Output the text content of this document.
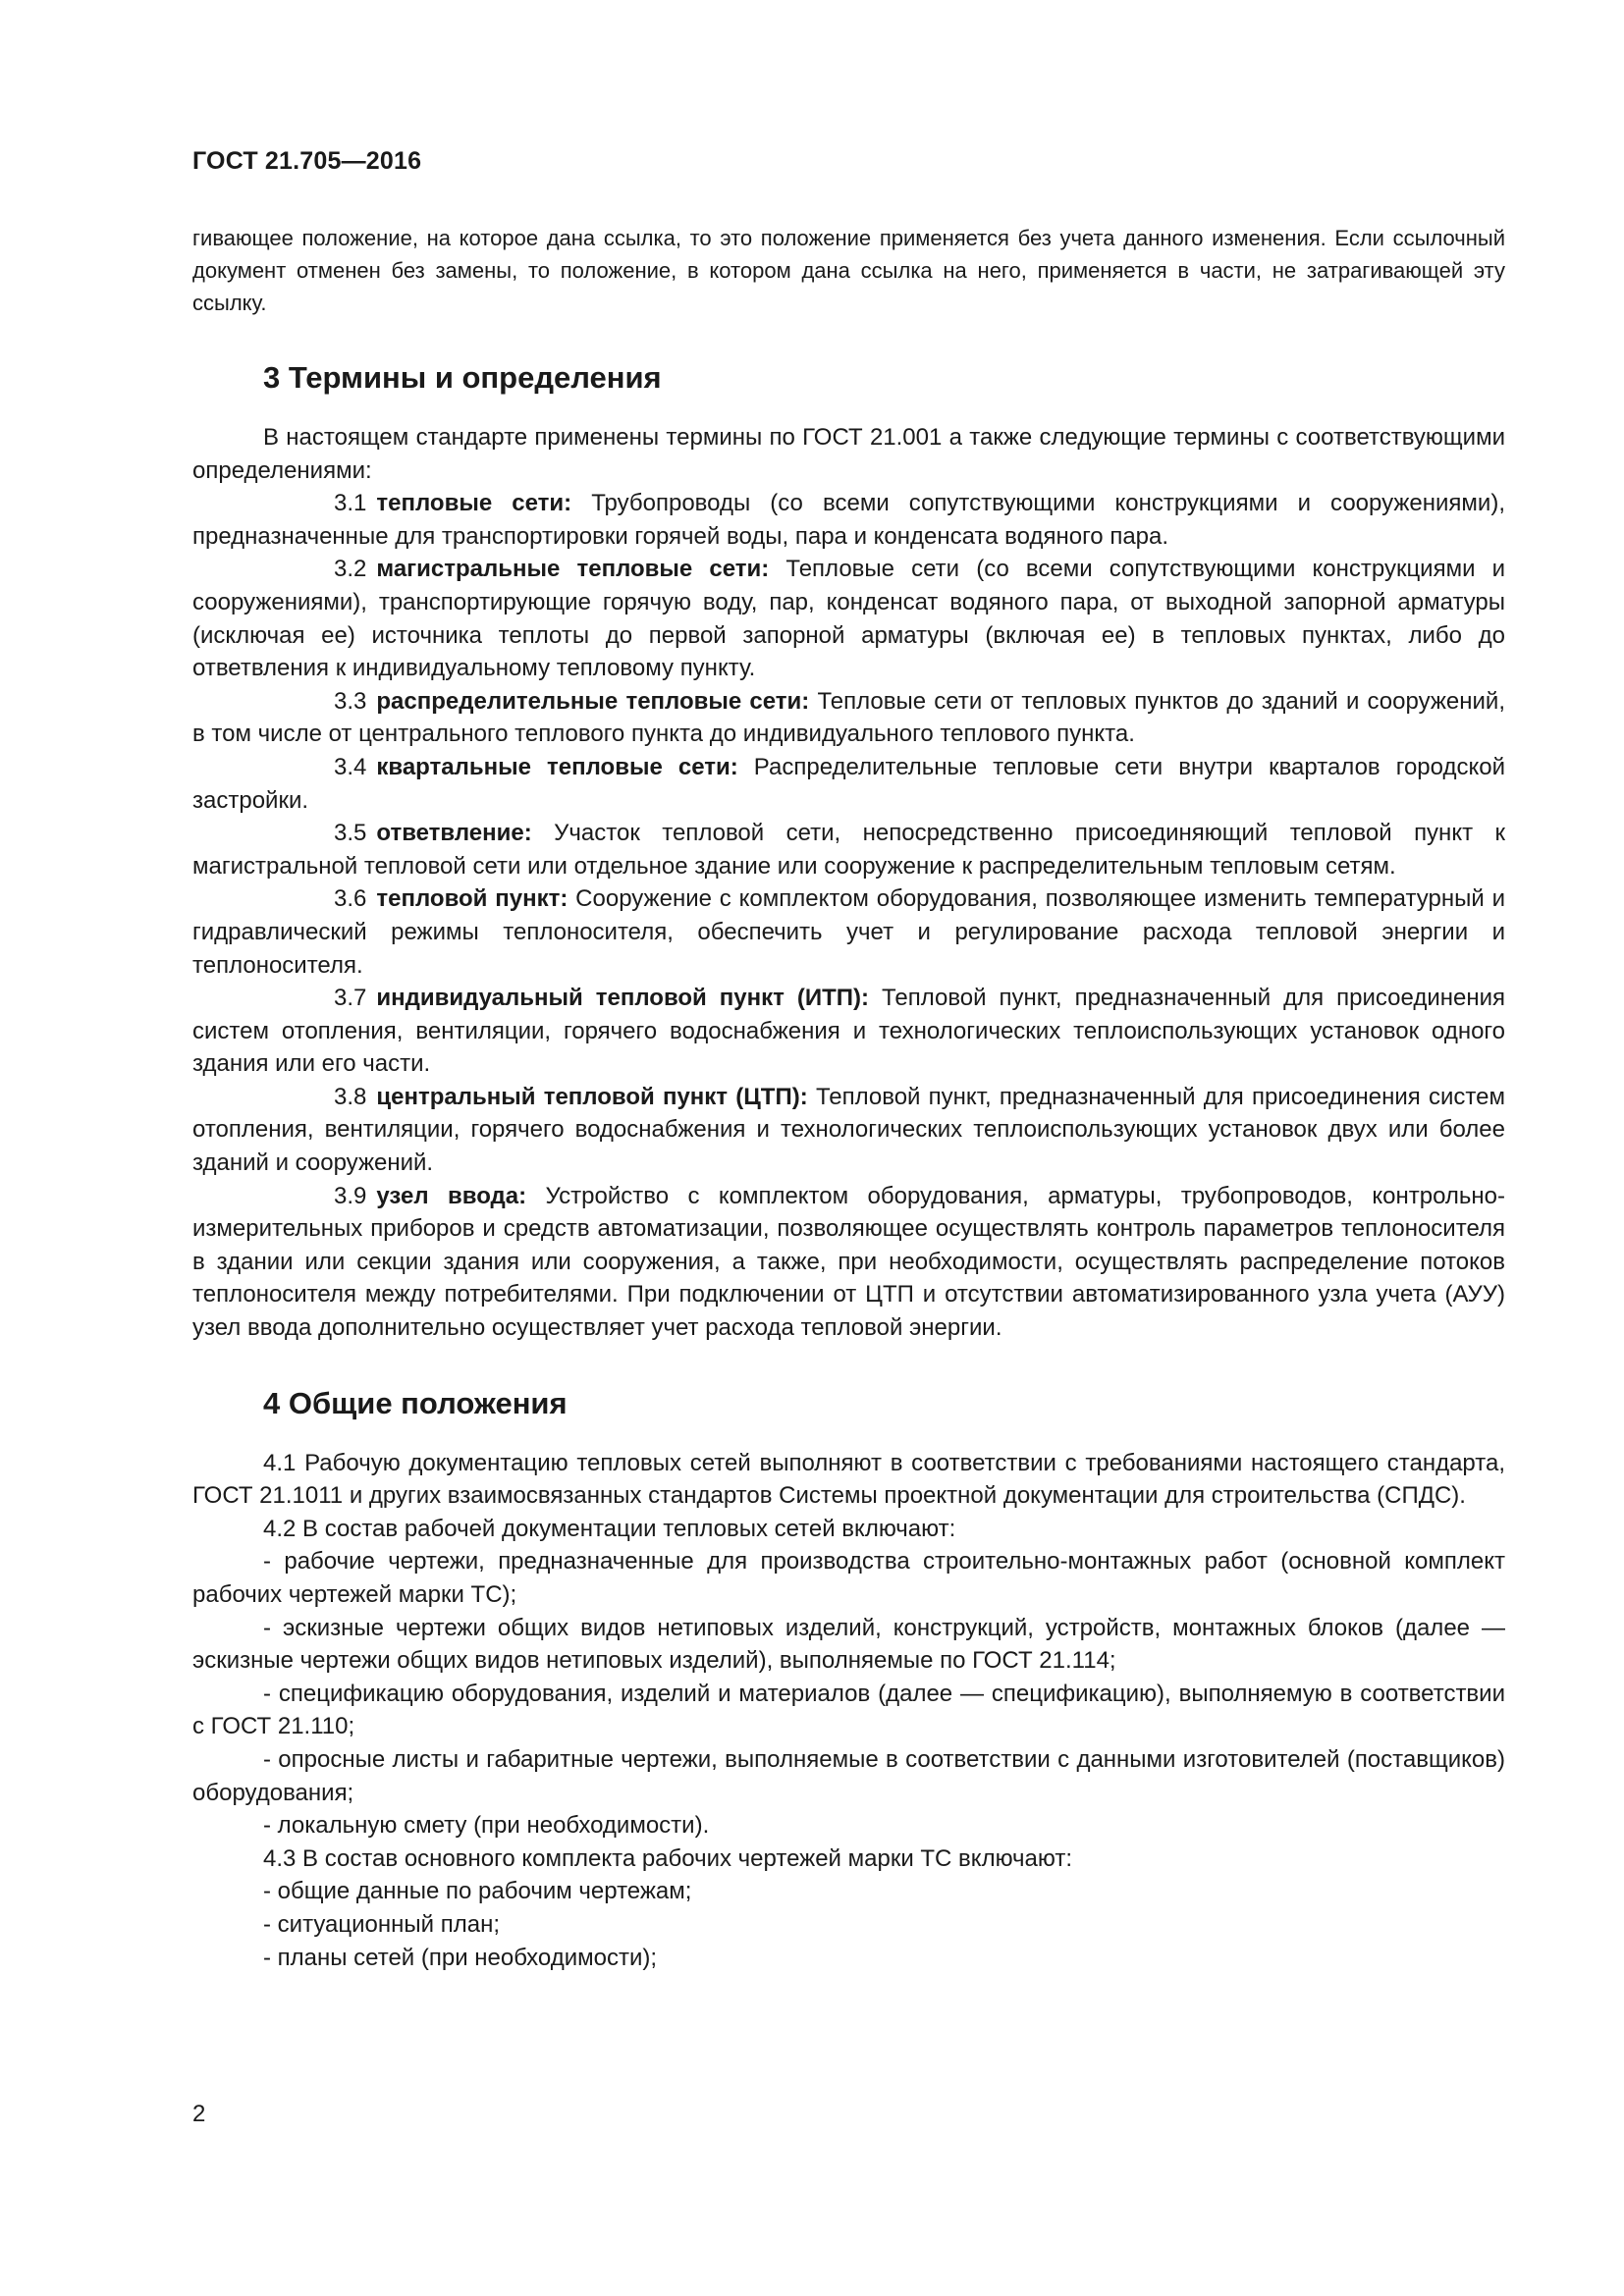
ГОСТ 21.705—2016

гивающее положение, на которое дана ссылка, то это положение применяется без учета данного изменения. Если ссылочный документ отменен без замены, то положение, в котором дана ссылка на него, применяется в части, не затрагивающей эту ссылку.

3 Термины и определения

В настоящем стандарте применены термины по ГОСТ 21.001 а также следующие термины с соответствующими определениями:

3.1 тепловые сети: Трубопроводы (со всеми сопутствующими конструкциями и сооружениями), предназначенные для транспортировки горячей воды, пара и конденсата водяного пара.

3.2 магистральные тепловые сети: Тепловые сети (со всеми сопутствующими конструкциями и сооружениями), транспортирующие горячую воду, пар, конденсат водяного пара, от выходной запорной арматуры (исключая ее) источника теплоты до первой запорной арматуры (включая ее) в тепловых пунктах, либо до ответвления к индивидуальному тепловому пункту.

3.3 распределительные тепловые сети: Тепловые сети от тепловых пунктов до зданий и сооружений, в том числе от центрального теплового пункта до индивидуального теплового пункта.

3.4 квартальные тепловые сети: Распределительные тепловые сети внутри кварталов городской застройки.

3.5 ответвление: Участок тепловой сети, непосредственно присоединяющий тепловой пункт к магистральной тепловой сети или отдельное здание или сооружение к распределительным тепловым сетям.

3.6 тепловой пункт: Сооружение с комплектом оборудования, позволяющее изменить температурный и гидравлический режимы теплоносителя, обеспечить учет и регулирование расхода тепловой энергии и теплоносителя.

3.7 индивидуальный тепловой пункт (ИТП): Тепловой пункт, предназначенный для присоединения систем отопления, вентиляции, горячего водоснабжения и технологических теплоиспользующих установок одного здания или его части.

3.8 центральный тепловой пункт (ЦТП): Тепловой пункт, предназначенный для присоединения систем отопления, вентиляции, горячего водоснабжения и технологических теплоиспользующих установок двух или более зданий и сооружений.

3.9 узел ввода: Устройство с комплектом оборудования, арматуры, трубопроводов, контрольно-измерительных приборов и средств автоматизации, позволяющее осуществлять контроль параметров теплоносителя в здании или секции здания или сооружения, а также, при необходимости, осуществлять распределение потоков теплоносителя между потребителями. При подключении от ЦТП и отсутствии автоматизированного узла учета (АУУ) узел ввода дополнительно осуществляет учет расхода тепловой энергии.

4 Общие положения

4.1 Рабочую документацию тепловых сетей выполняют в соответствии с требованиями настоящего стандарта, ГОСТ 21.1011 и других взаимосвязанных стандартов Системы проектной документации для строительства (СПДС).

4.2 В состав рабочей документации тепловых сетей включают:

- рабочие чертежи, предназначенные для производства строительно-монтажных работ (основной комплект рабочих чертежей марки ТС);

- эскизные чертежи общих видов нетиповых изделий, конструкций, устройств, монтажных блоков (далее — эскизные чертежи общих видов нетиповых изделий), выполняемые по ГОСТ 21.114;

- спецификацию оборудования, изделий и материалов (далее — спецификацию), выполняемую в соответствии с ГОСТ 21.110;

- опросные листы и габаритные чертежи, выполняемые в соответствии с данными изготовителей (поставщиков) оборудования;

- локальную смету (при необходимости).

4.3 В состав основного комплекта рабочих чертежей марки ТС включают:

- общие данные по рабочим чертежам;

- ситуационный план;

- планы сетей (при необходимости);

2
